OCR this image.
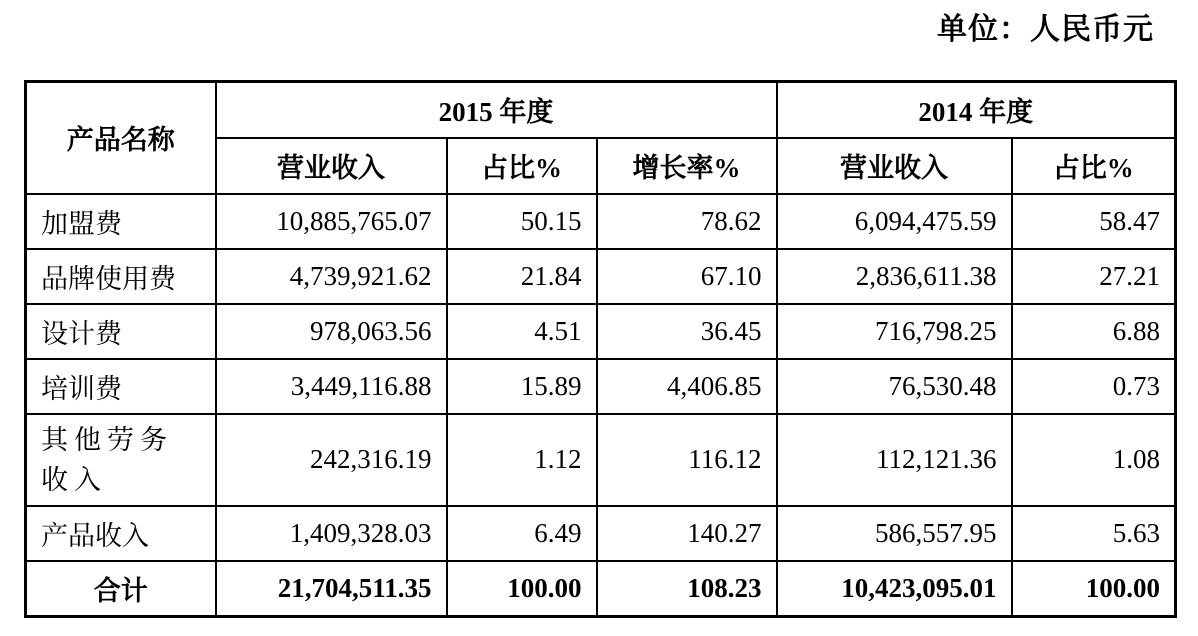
单位：人民币元
产品名称	2015 年度			2014 年度	
	营业收入	占比%	增长率%	营业收入	占比%
加盟费	10,885,765.07	50.15	78.62	6,094,475.59	58.47
品牌使用费	4,739,921.62	21.84	67.10	2,836,611.38	27.21
设计费	978,063.56	4.51	36.45	716,798.25	6.88
培训费	3,449,116.88	15.89	4,406.85	76,530.48	0.73
其他劳务收入	242,316.19	1.12	116.12	112,121.36	1.08
产品收入	1,409,328.03	6.49	140.27	586,557.95	5.63
合计	21,704,511.35	100.00	108.23	10,423,095.01	100.00
